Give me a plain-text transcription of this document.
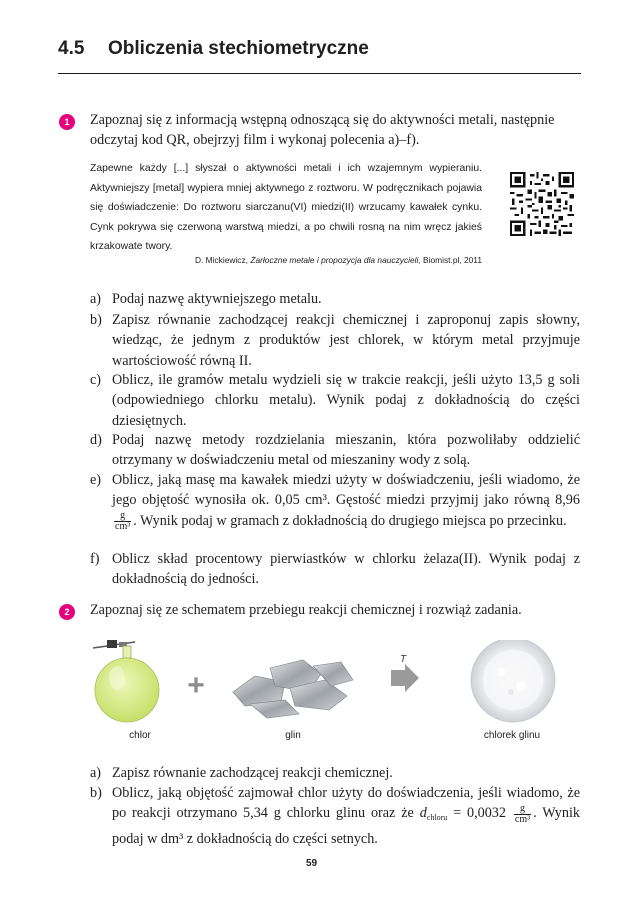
4.5 Obliczenia stechiometryczne
1	Zapoznaj się z informacją wstępną odnoszącą się do aktywności metali, następnie odczytaj kod QR, obejrzyj film i wykonaj polecenia a)–f).
Zapewne każdy [...] słyszał o aktywności metali i ich wzajemnym wypieraniu. Aktywniejszy [metal] wypiera mniej aktywnego z roztworu. W podręcznikach pojawia się doświadczenie: Do roztworu siarczanu(VI) miedzi(II) wrzucamy kawałek cynku. Cynk pokrywa się czerwoną warstwą miedzi, a po chwili rosną na nim wręcz jakieś krzakowate twory.
D. Mickiewicz, Żarłoczne metale i propozycja dla nauczycieli, Biomist.pl, 2011
a) Podaj nazwę aktywniejszego metalu.
b) Zapisz równanie zachodzącej reakcji chemicznej i zaproponuj zapis słowny, wiedząc, że jednym z produktów jest chlorek, w którym metal przyjmuje wartościowość równą II.
c) Oblicz, ile gramów metalu wydzieli się w trakcie reakcji, jeśli użyto 13,5 g soli (odpowiedniego chlorku metalu). Wynik podaj z dokładnością do części dziesiętnych.
d) Podaj nazwę metody rozdzielania mieszanin, która pozwoliłaby oddzielić otrzymany w doświadczeniu metal od mieszaniny wody z solą.
e) Oblicz, jaką masę ma kawałek miedzi użyty w doświadczeniu, jeśli wiadomo, że jego objętość wynosiła ok. 0,05 cm³. Gęstość miedzi przyjmij jako równą 8,96
$\frac{g}{\text{cm³}}$ . Wynik podaj w gramach z dokładnością do drugiego miejsca po przecinku.
f) Oblicz skład procentowy pierwiastków w chlorku żelaza(II). Wynik podaj z dokładnością do jedności.
2	Zapoznaj się ze schematem przebiegu reakcji chemicznej i rozwiąż zadania.
+
T
chlor	glin	chlorek glinu
a) Zapisz równanie zachodzącej reakcji chemicznej.
b) Oblicz, jaką objętość zajmował chlor użyty do doświadczenia, jeśli wiadomo, że po reakcji otrzymano 5,34 g chlorku glinu oraz że $d_{chloru} = 0,0032 \frac{g}{\text{cm³}}$ . Wynik podaj w dm³ z dokładnością do części setnych.
59
